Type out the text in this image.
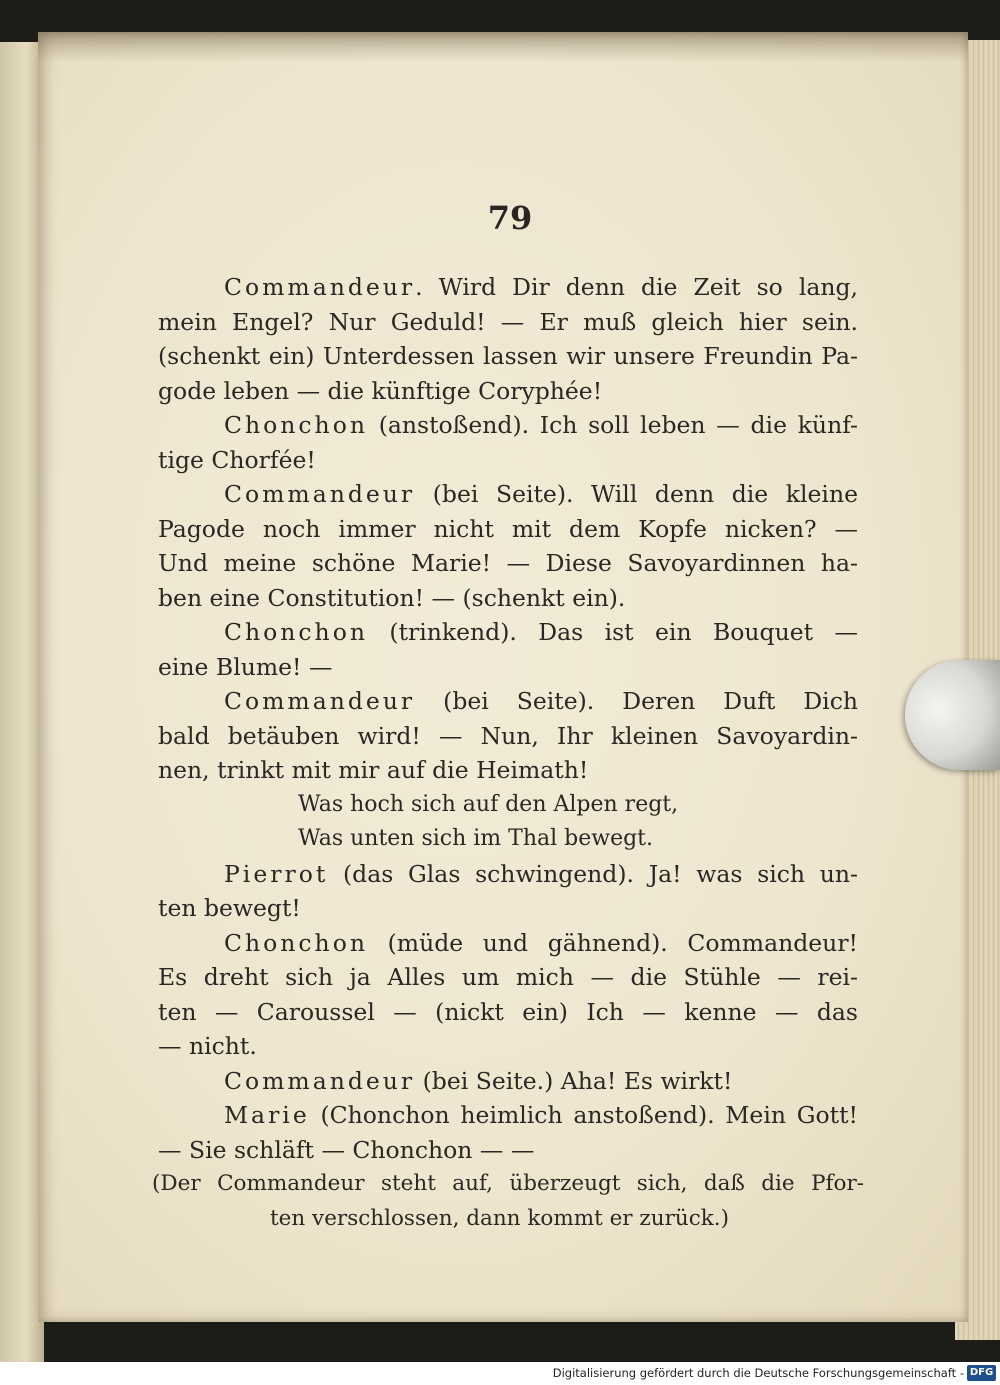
79
Commandeur. Wird Dir denn die Zeit so lang,
mein Engel? Nur Geduld! — Er muß gleich hier sein.
(schenkt ein) Unterdessen lassen wir unsere Freundin Pa-
gode leben — die künftige Coryphée!
Chonchon (anstoßend). Ich soll leben — die künf-
tige Chorfée!
Commandeur (bei Seite). Will denn die kleine
Pagode noch immer nicht mit dem Kopfe nicken? —
Und meine schöne Marie! — Diese Savoyardinnen ha-
ben eine Constitution! — (schenkt ein).
Chonchon (trinkend). Das ist ein Bouquet —
eine Blume! —
Commandeur (bei Seite). Deren Duft Dich
bald betäuben wird! — Nun, Ihr kleinen Savoyardin-
nen, trinkt mit mir auf die Heimath!
Was hoch sich auf den Alpen regt,
Was unten sich im Thal bewegt.
Pierrot (das Glas schwingend). Ja! was sich un-
ten bewegt!
Chonchon (müde und gähnend). Commandeur!
Es dreht sich ja Alles um mich — die Stühle — rei-
ten — Caroussel — (nickt ein) Ich — kenne — das
— nicht.
Commandeur (bei Seite.) Aha! Es wirkt!
Marie (Chonchon heimlich anstoßend). Mein Gott!
— Sie schläft — Chonchon — —
(Der Commandeur steht auf, überzeugt sich, daß die Pfor-
ten verschlossen, dann kommt er zurück.)
Digitalisierung gefördert durch die Deutsche Forschungsgemeinschaft - DFG
